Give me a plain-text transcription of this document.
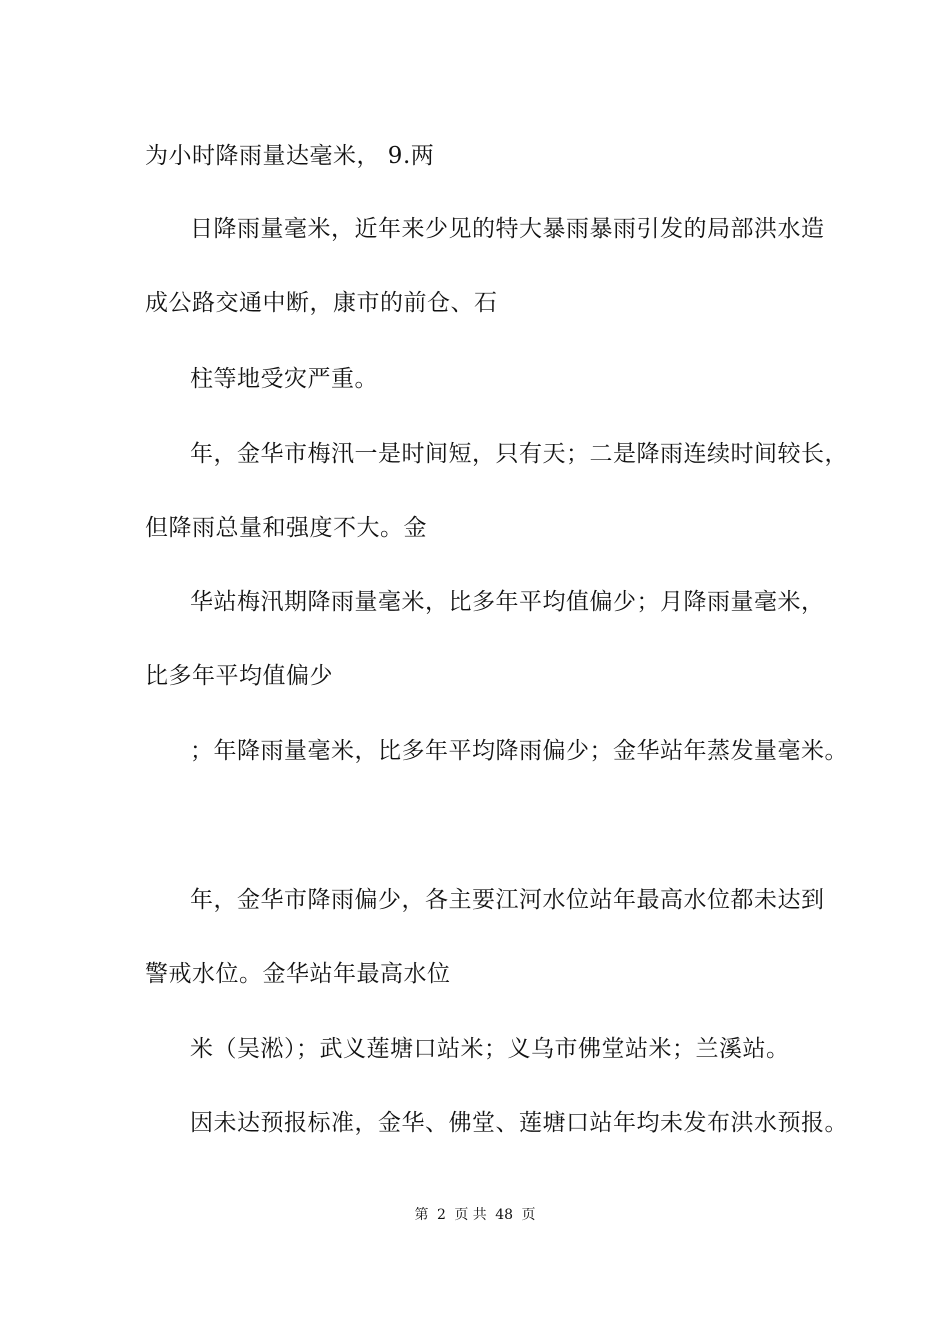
为小时降雨量达毫米， 9.两
日降雨量毫米，近年来少见的特大暴雨暴雨引发的局部洪水造
成公路交通中断，康市的前仓、石
柱等地受灾严重。
年，金华市梅汛一是时间短，只有天；二是降雨连续时间较长，
但降雨总量和强度不大。金
华站梅汛期降雨量毫米，比多年平均值偏少；月降雨量毫米，
比多年平均值偏少
；年降雨量毫米，比多年平均降雨偏少；金华站年蒸发量毫米。
年，金华市降雨偏少，各主要江河水位站年最高水位都未达到
警戒水位。金华站年最高水位
米（吴淞）；武义莲塘口站米；义乌市佛堂站米；兰溪站。
因未达预报标准，金华、佛堂、莲塘口站年均未发布洪水预报。
第 2 页 共 48 页
